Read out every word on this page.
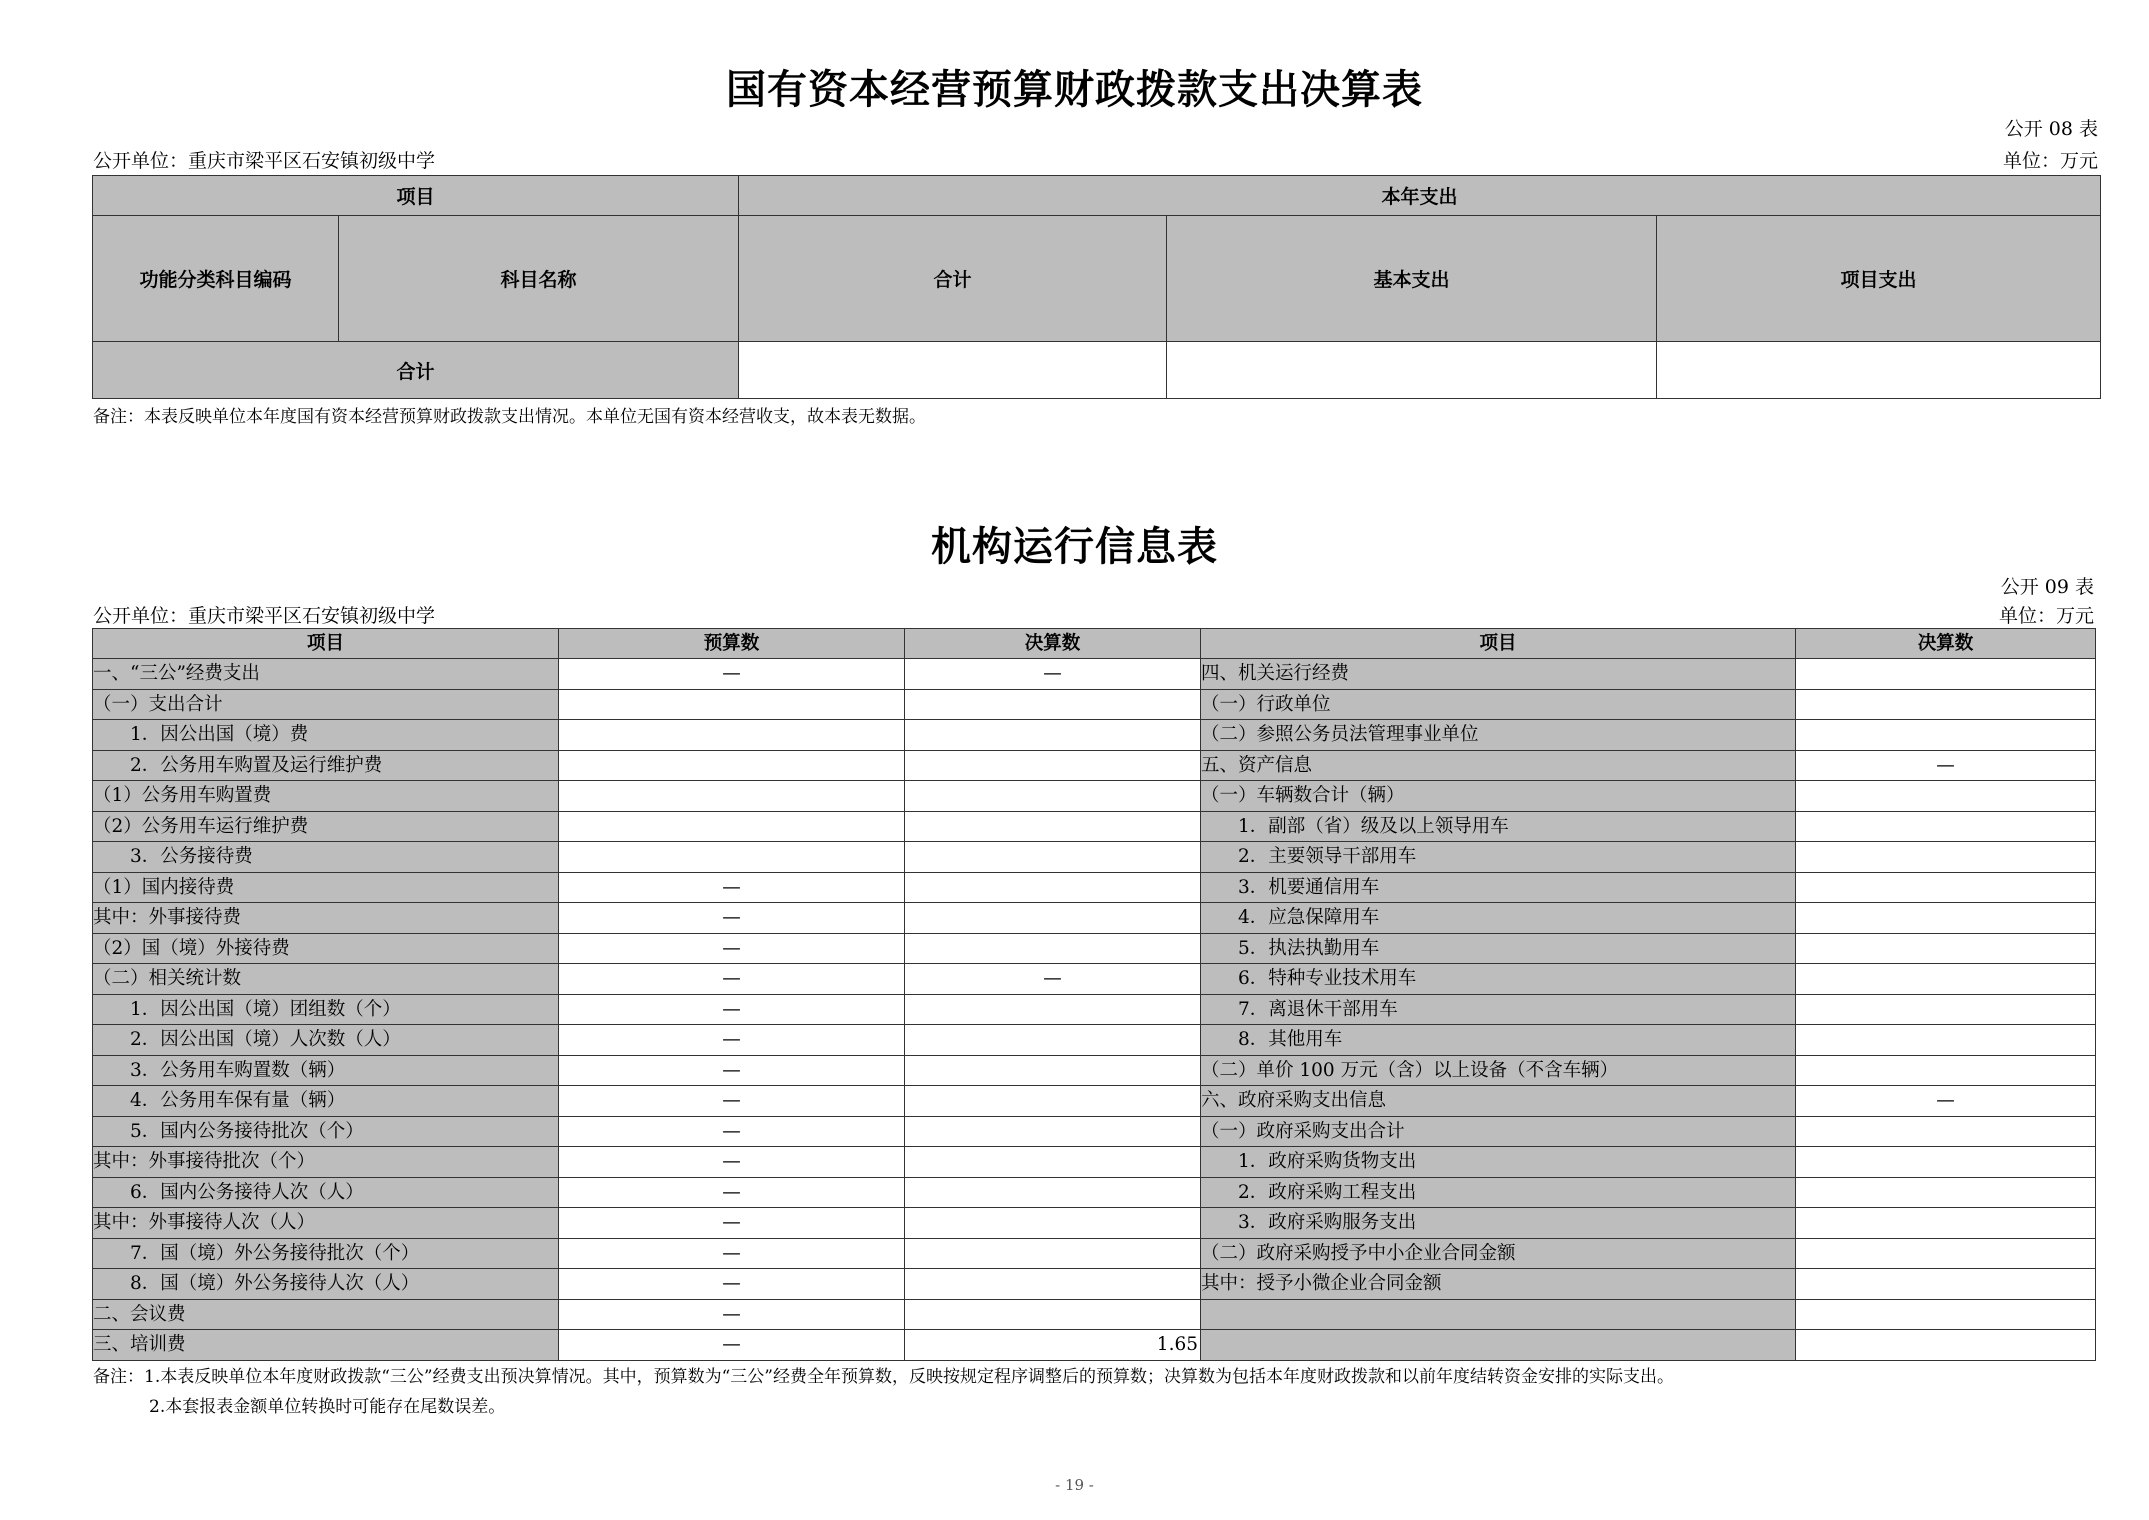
国有资本经营预算财政拨款支出决算表
公开 08 表
公开单位：重庆市梁平区石安镇初级中学	单位：万元
项目		本年支出		
功能分类科目编码	科目名称	合计	基本支出	项目支出
合计				
备注：本表反映单位本年度国有资本经营预算财政拨款支出情况。本单位无国有资本经营收支，故本表无数据。
机构运行信息表
公开 09 表
公开单位：重庆市梁平区石安镇初级中学	单位：万元
项目	预算数	决算数	项目	决算数
一、“三公”经费支出	—	—	四、机关运行经费	
（一）支出合计			（一）行政单位	
　　1．因公出国（境）费			（二）参照公务员法管理事业单位	
　　2．公务用车购置及运行维护费			五、资产信息	—
（1）公务用车购置费			（一）车辆数合计（辆）	
（2）公务用车运行维护费			　　1．副部（省）级及以上领导用车	
　　3．公务接待费			　　2．主要领导干部用车	
（1）国内接待费	—		　　3．机要通信用车	
其中：外事接待费	—		　　4．应急保障用车	
（2）国（境）外接待费	—		　　5．执法执勤用车	
（二）相关统计数	—	—	　　6．特种专业技术用车	
　　1．因公出国（境）团组数（个）	—		　　7．离退休干部用车	
　　2．因公出国（境）人次数（人）	—		　　8．其他用车	
　　3．公务用车购置数（辆）	—		（二）单价 100 万元（含）以上设备（不含车辆）	
　　4．公务用车保有量（辆）	—		六、政府采购支出信息	—
　　5．国内公务接待批次（个）	—		（一）政府采购支出合计	
其中：外事接待批次（个）	—		　　1．政府采购货物支出	
　　6．国内公务接待人次（人）	—		　　2．政府采购工程支出	
其中：外事接待人次（人）	—		　　3．政府采购服务支出	
　　7．国（境）外公务接待批次（个）	—		（二）政府采购授予中小企业合同金额	
　　8．国（境）外公务接待人次（人）	—		其中：授予小微企业合同金额	
二、会议费	—			
三、培训费	—	1.65		
备注：1.本表反映单位本年度财政拨款“三公”经费支出预决算情况。其中，预算数为“三公”经费全年预算数，反映按规定程序调整后的预算数；决算数为包括本年度财政拨款和以前年度结转资金安排的实际支出。
2.本套报表金额单位转换时可能存在尾数误差。
- 19 -
